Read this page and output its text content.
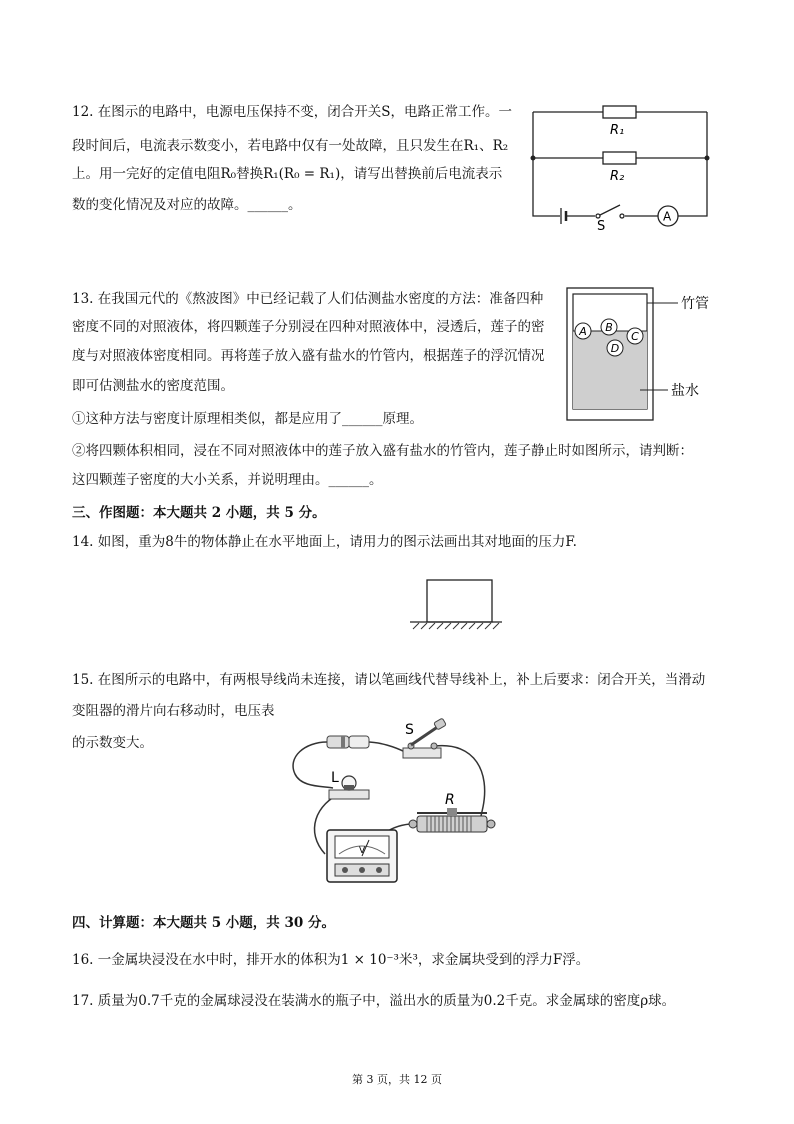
12. 在图示的电路中，电源电压保持不变，闭合开关S，电路正常工作。一
段时间后，电流表示数变小，若电路中仅有一处故障，且只发生在R₁、R₂
上。用一完好的定值电阻R₀替换R₁(R₀ = R₁)，请写出替换前后电流表示
数的变化情况及对应的故障。______。
R₁
R₂
S
A
13. 在我国元代的《熬波图》中已经记载了人们估测盐水密度的方法：准备四种
密度不同的对照液体，将四颗莲子分别浸在四种对照液体中，浸透后，莲子的密
度与对照液体密度相同。再将莲子放入盛有盐水的竹管内，根据莲子的浮沉情况
即可估测盐水的密度范围。
①这种方法与密度计原理相类似，都是应用了______原理。
②将四颗体积相同，浸在不同对照液体中的莲子放入盛有盐水的竹管内，莲子静止时如图所示，请判断：
这四颗莲子密度的大小关系，并说明理由。______。
A B
C
D
竹管
盐水
三、作图题：本大题共 2 小题，共 5 分。
14. 如图，重为8牛的物体静止在水平地面上，请用力的图示法画出其对地面的压力F.
15. 在图所示的电路中，有两根导线尚未连接，请以笔画线代替导线补上，补上后要求：闭合开关，当滑动
变阻器的滑片向右移动时，电压表
的示数变大。
S
L
R
V
四、计算题：本大题共 5 小题，共 30 分。
16. 一金属块浸没在水中时，排开水的体积为1 × 10⁻³米³，求金属块受到的浮力F浮。
17. 质量为0.7千克的金属球浸没在装满水的瓶子中，溢出水的质量为0.2千克。求金属球的密度ρ球。
第 3 页，共 12 页
